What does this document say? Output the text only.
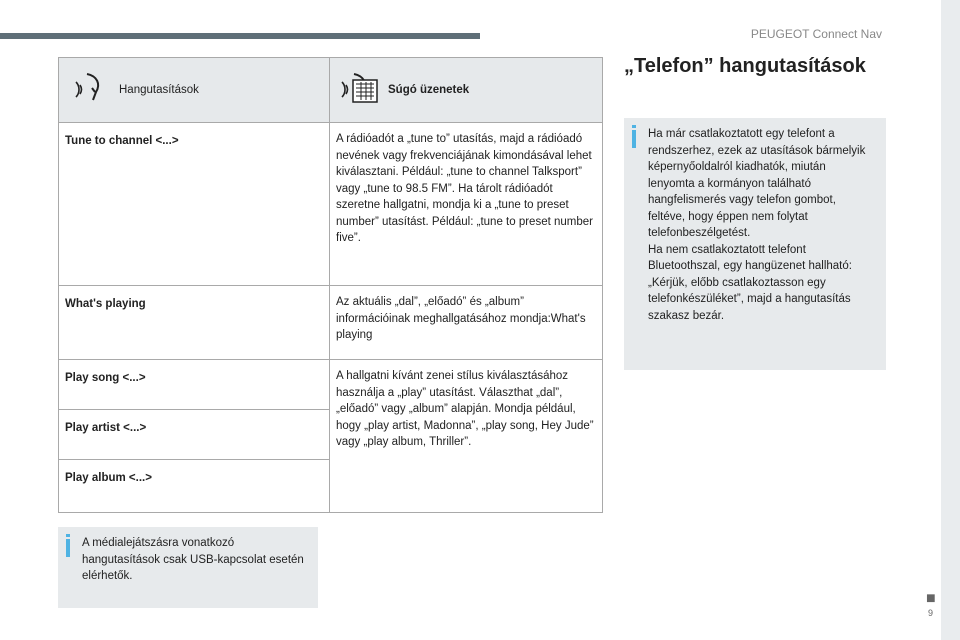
PEUGEOT Connect Nav
Hangutasítások	Súgó üzenetek

Tune to channel <...>	A rádióadót a „tune to” utasítás, majd a rádióadó nevének vagy frekvenciájának kimondásával lehet kiválasztani. Például: „tune to channel Talksport” vagy „tune to 98.5 FM”. Ha tárolt rádióadót szeretne hallgatni, mondja ki a „tune to preset number” utasítást. Például: „tune to preset number five”.

What's playing	Az aktuális „dal”, „előadó” és „album” információinak meghallgatásához mondja:What's playing

Play song <...>	A hallgatni kívánt zenei stílus kiválasztásához használja a „play” utasítást. Választhat „dal”, „előadó” vagy „album” alapján. Mondja például, hogy „play artist, Madonna”, „play song, Hey Jude” vagy „play album, Thriller”.

Play artist <...>	

Play album <...>	
A médialejátszásra vonatkozó hangutasítások csak USB-kapcsolat esetén elérhetők.
„Telefon” hangutasítások
Ha már csatlakoztatott egy telefont a rendszerhez, ezek az utasítások bármelyik képernyőoldalról kiadhatók, miután lenyomta a kormányon található hangfelismerés vagy telefon gombot, feltéve, hogy éppen nem folytat telefonbeszélgetést.
Ha nem csatlakoztatott telefont Bluetoothszal, egy hangüzenet hallható: „Kérjük, előbb csatlakoztasson egy telefonkészüléket”, majd a hangutasítás szakasz bezár.
■
9
